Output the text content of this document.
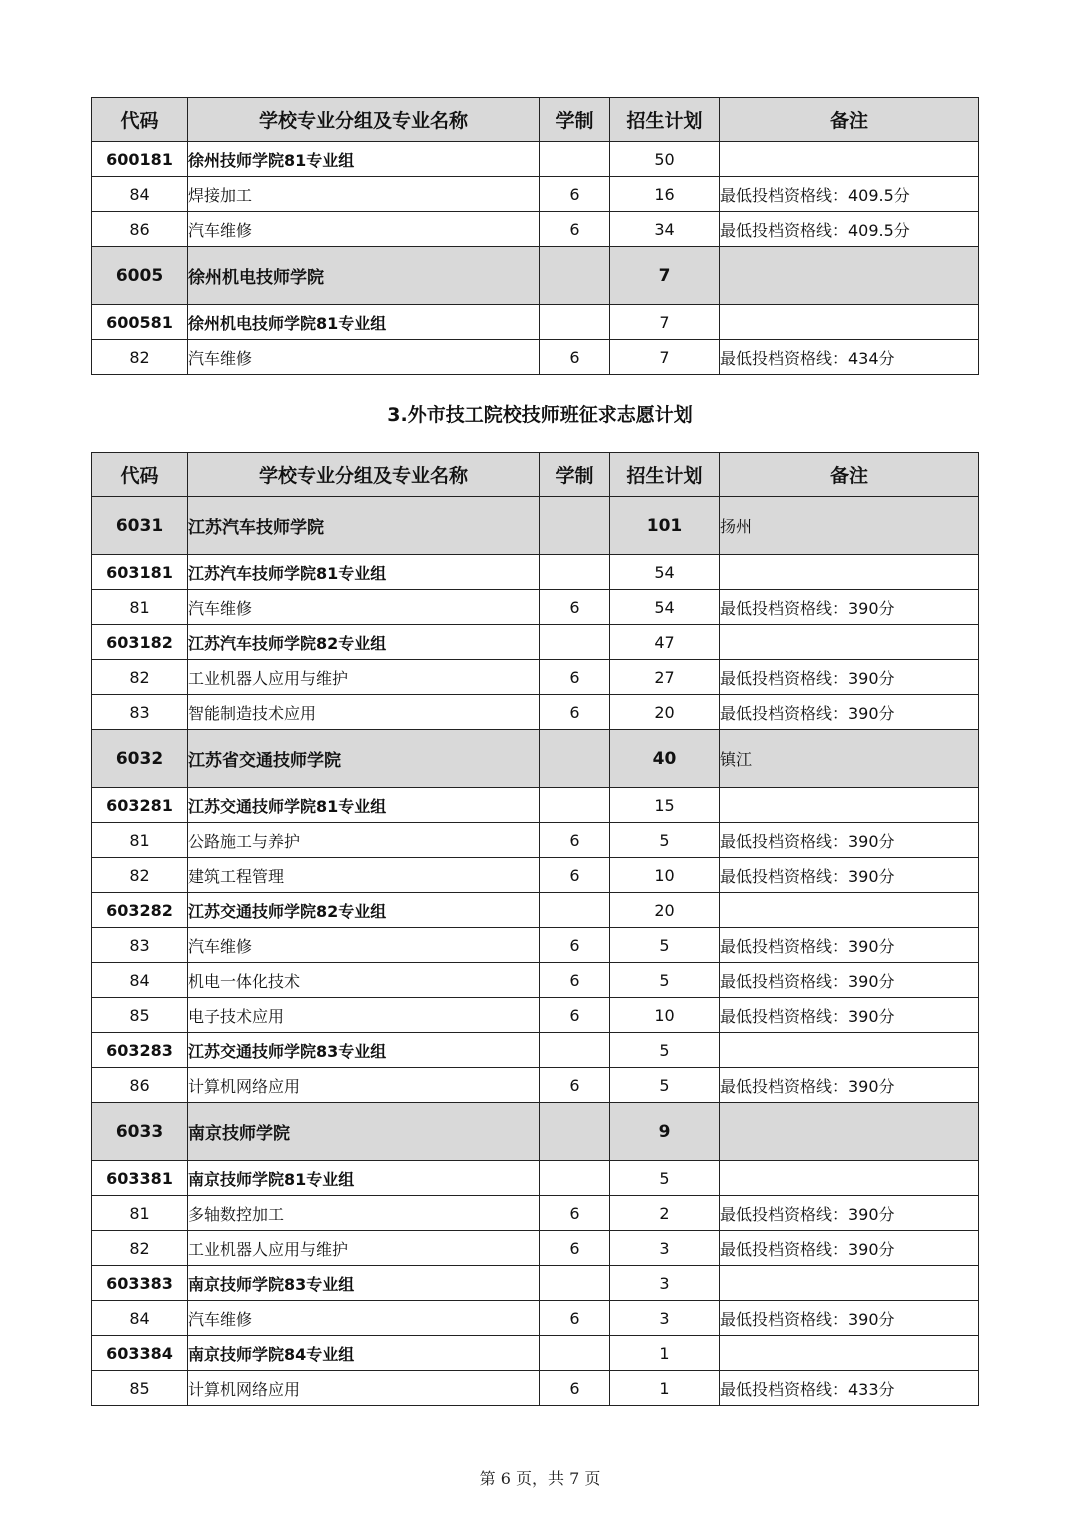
代码	学校专业分组及专业名称	学制	招生计划	备注
600181	徐州技师学院81专业组		50	
84	焊接加工	6	16	最低投档资格线：409.5分
86	汽车维修	6	34	最低投档资格线：409.5分
6005	徐州机电技师学院		7	
600581	徐州机电技师学院81专业组		7	
82	汽车维修	6	7	最低投档资格线：434分
3.外市技工院校技师班征求志愿计划
代码	学校专业分组及专业名称	学制	招生计划	备注
6031	江苏汽车技师学院		101	扬州
603181	江苏汽车技师学院81专业组		54	
81	汽车维修	6	54	最低投档资格线：390分
603182	江苏汽车技师学院82专业组		47	
82	工业机器人应用与维护	6	27	最低投档资格线：390分
83	智能制造技术应用	6	20	最低投档资格线：390分
6032	江苏省交通技师学院		40	镇江
603281	江苏交通技师学院81专业组		15	
81	公路施工与养护	6	5	最低投档资格线：390分
82	建筑工程管理	6	10	最低投档资格线：390分
603282	江苏交通技师学院82专业组		20	
83	汽车维修	6	5	最低投档资格线：390分
84	机电一体化技术	6	5	最低投档资格线：390分
85	电子技术应用	6	10	最低投档资格线：390分
603283	江苏交通技师学院83专业组		5	
86	计算机网络应用	6	5	最低投档资格线：390分
6033	南京技师学院		9	
603381	南京技师学院81专业组		5	
81	多轴数控加工	6	2	最低投档资格线：390分
82	工业机器人应用与维护	6	3	最低投档资格线：390分
603383	南京技师学院83专业组		3	
84	汽车维修	6	3	最低投档资格线：390分
603384	南京技师学院84专业组		1	
85	计算机网络应用	6	1	最低投档资格线：433分
第 6 页，共 7 页
